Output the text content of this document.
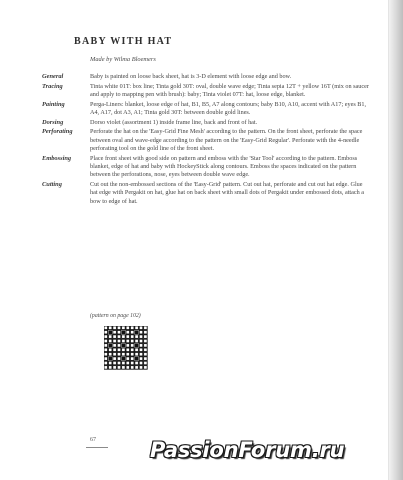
BABY WITH HAT
Made by Wilma Bloemers
General	Baby is painted on loose back sheet, hat is 3-D element with loose edge and bow.
Tracing	Tinta white 01T: box line; Tinta gold 30T: oval, double wave edge; Tinta sepia 12T + yellow 16T (mix on saucer and apply to mapping pen with brush): baby; Tinta violet 07T: hat, loose edge, blanket.
Painting	Perga-Liners: blanket, loose edge of hat, B1, B5, A7 along contours; baby B10, A10, accent with A17; eyes B1, A4, A17, dot A3, A1; Tinta gold 30T: between double gold lines.
Dorsing	Dorso violet (assortment 1) inside frame line, back and front of hat.
Perforating	Perforate the hat on the 'Easy-Grid Fine Mesh' according to the pattern. On the front sheet, perforate the space between oval and wave-edge according to the pattern on the 'Easy-Grid Regular'. Perforate with the 4-needle perforating tool on the gold line of the front sheet.
Embossing	Place front sheet with good side on pattern and emboss with the 'Star Tool' according to the pattern. Emboss blanket, edge of hat and baby with HockeyStick along contours. Emboss the spaces indicated on the pattern between the perforations, nose, eyes between double wave edge.
Cutting	Cut out the non-embossed sections of the 'Easy-Grid' pattern. Cut out hat, perforate and cut out hat edge. Glue hat edge with Pergakit on hat, glue hat on back sheet with small dots of Pergakit under embossed dots, attach a bow to edge of hat.
(pattern on page 102)
67	PassionForum.ru
